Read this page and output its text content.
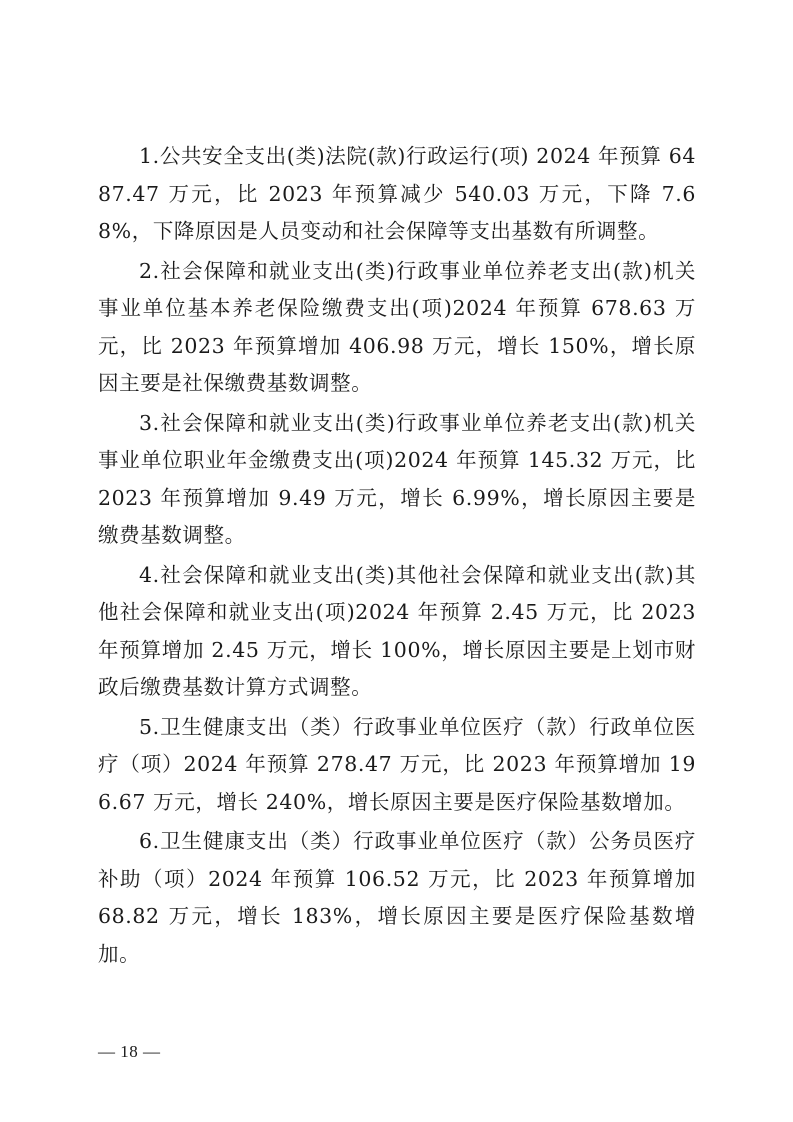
1.公共安全支出(类)法院(款)行政运行(项) 2024 年预算 6487.47 万元，比 2023 年预算减少 540.03 万元，下降 7.68%，下降原因是人员变动和社会保障等支出基数有所调整。

2.社会保障和就业支出(类)行政事业单位养老支出(款)机关事业单位基本养老保险缴费支出(项)2024 年预算 678.63 万元，比 2023 年预算增加 406.98 万元，增长 150%，增长原因主要是社保缴费基数调整。

3.社会保障和就业支出(类)行政事业单位养老支出(款)机关事业单位职业年金缴费支出(项)2024 年预算 145.32 万元，比 2023 年预算增加 9.49 万元，增长 6.99%，增长原因主要是缴费基数调整。

4.社会保障和就业支出(类)其他社会保障和就业支出(款)其他社会保障和就业支出(项)2024 年预算 2.45 万元，比 2023 年预算增加 2.45 万元，增长 100%，增长原因主要是上划市财政后缴费基数计算方式调整。

5.卫生健康支出（类）行政事业单位医疗（款）行政单位医疗（项）2024 年预算 278.47 万元，比 2023 年预算增加 196.67 万元，增长 240%，增长原因主要是医疗保险基数增加。

6.卫生健康支出（类）行政事业单位医疗（款）公务员医疗补助（项）2024 年预算 106.52 万元，比 2023 年预算增加 68.82 万元，增长 183%，增长原因主要是医疗保险基数增加。

— 18 —
